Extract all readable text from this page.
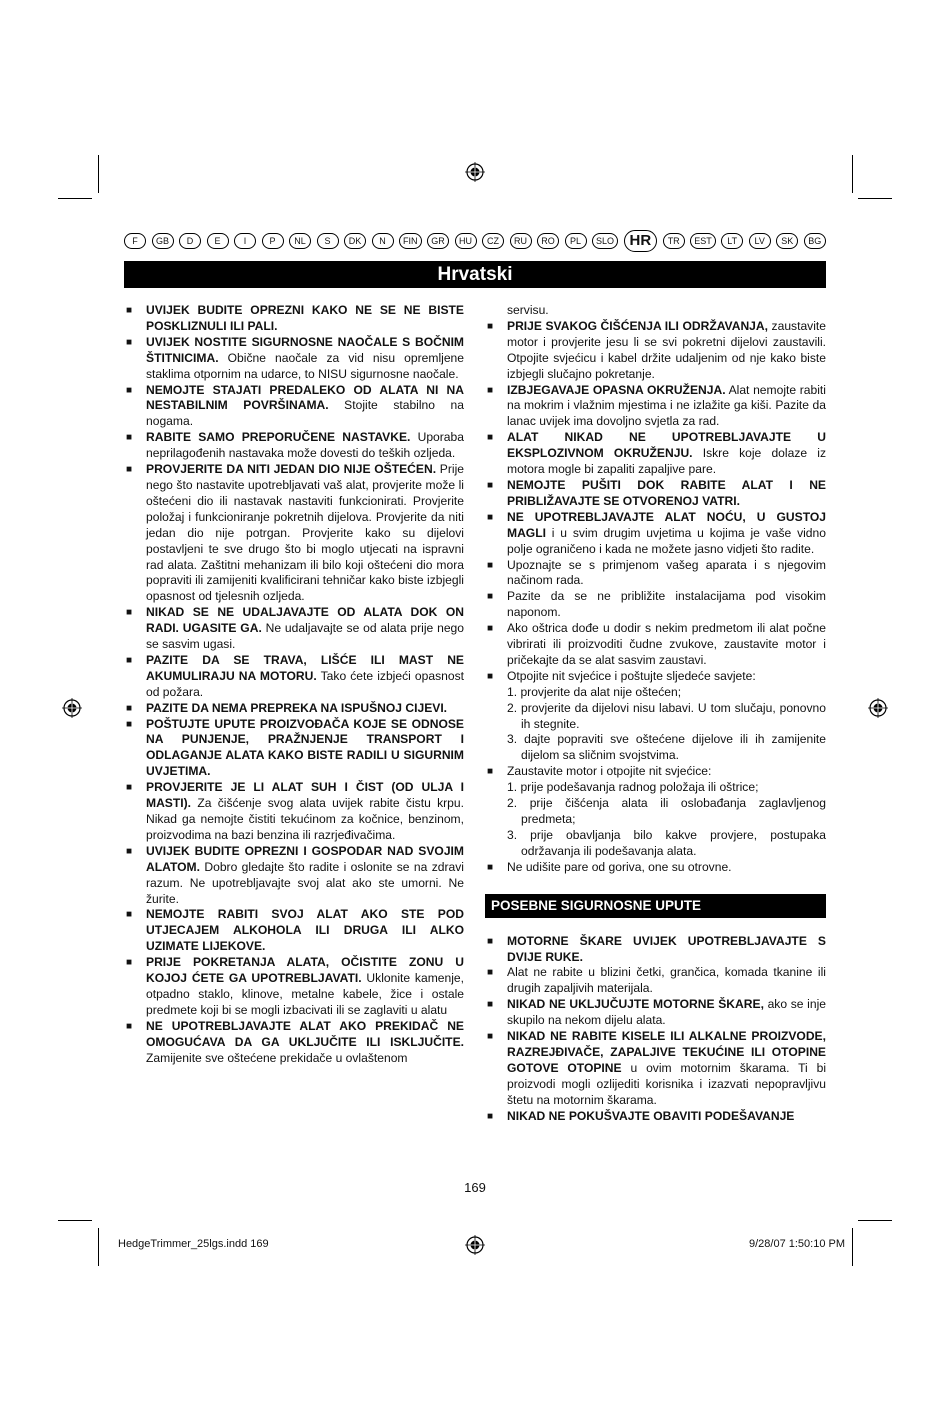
F	GB	D	E	I	P	NL	S	DK	N	FIN	GR	HU	CZ	RU	RO	PL	SLO	HR	TR	EST	LT	LV	SK	BG
Hrvatski

■ UVIJEK BUDITE OPREZNI KAKO NE SE NE BISTE POSKLIZNULI ILI PALI.

■ UVIJEK NOSTITE SIGURNOSNE NAOČALE S BOČNIM ŠTITNICIMA. Obične naočale za vid nisu opremljene staklima otpornim na udarce, to NISU sigurnosne naočale.

■ NEMOJTE STAJATI PREDALEKO OD ALATA NI NA NESTABILNIM POVRŠINAMA. Stojite stabilno na nogama.

■ RABITE SAMO PREPORUČENE NASTAVKE. Uporaba neprilagođenih nastavaka može dovesti do teških ozljeda.

■ PROVJERITE DA NITI JEDAN DIO NIJE OŠTEĆEN. Prije nego što nastavite upotrebljavati vaš alat, provjerite može li oštećeni dio ili nastavak nastaviti funkcionirati. Provjerite položaj i funkcioniranje pokretnih dijelova. Provjerite da niti jedan dio nije potrgan. Provjerite kako su dijelovi postavljeni te sve drugo što bi moglo utjecati na ispravni rad alata. Zaštitni mehanizam ili bilo koji oštećeni dio mora popraviti ili zamijeniti kvalificirani tehničar kako biste izbjegli opasnost od tjelesnih ozljeda.

■ NIKAD SE NE UDALJAVAJTE OD ALATA DOK ON RADI. UGASITE GA. Ne udaljavajte se od alata prije nego se sasvim ugasi.

■ PAZITE DA SE TRAVA, LIŠĆE ILI MAST NE AKUMULIRAJU NA MOTORU. Tako ćete izbjeći opasnost od požara.

■ PAZITE DA NEMA PREPREKA NA ISPUŠNOJ CIJEVI.

■ POŠTUJTE UPUTE PROIZVOĐAČA KOJE SE ODNOSE NA PUNJENJE, PRAŽNJENJE TRANSPORT I ODLAGANJE ALATA KAKO BISTE RADILI U SIGURNIM UVJETIMA.

■ PROVJERITE JE LI ALAT SUH I ČIST (OD ULJA I MASTI). Za čišćenje svog alata uvijek rabite čistu krpu. Nikad ga nemojte čistiti tekućinom za kočnice, benzinom, proizvodima na bazi benzina ili razrjeđivačima.

■ UVIJEK BUDITE OPREZNI I GOSPODAR NAD SVOJIM ALATOM. Dobro gledajte što radite i oslonite se na zdravi razum. Ne upotrebljavajte svoj alat ako ste umorni. Ne žurite.

■ NEMOJTE RABITI SVOJ ALAT AKO STE POD UTJECAJEM ALKOHOLA ILI DRUGA ILI ALKO UZIMATE LIJEKOVE.

■ PRIJE POKRETANJA ALATA, OČISTITE ZONU U KOJOJ ĆETE GA UPOTREBLJAVATI. Uklonite kamenje, otpadno staklo, klinove, metalne kabele, žice i ostale predmete koji bi se mogli izbacivati ili se zaglaviti u alatu

■ NE UPOTREBLJAVAJTE ALAT AKO PREKIDAČ NE OMOGUĆAVA DA GA UKLJUČITE ILI ISKLJUČITE. Zamijenite sve oštećene prekidače u ovlaštenom

servisu.

■ PRIJE SVAKOG ČIŠĆENJA ILI ODRŽAVANJA, zaustavite motor i provjerite jesu li se svi pokretni dijelovi zaustavili. Otpojite svjećicu i kabel držite udaljenim od nje kako biste izbjegli slučajno pokretanje.

■ IZBJEGAVAJE OPASNA OKRUŽENJA. Alat nemojte rabiti na mokrim i vlažnim mjestima i ne izlažite ga kiši. Pazite da lanac uvijek ima dovoljno svjetla za rad.

■ ALAT NIKAD NE UPOTREBLJAVAJTE U EKSPLOZIVNOM OKRUŽENJU. Iskre koje dolaze iz motora mogle bi zapaliti zapaljive pare.

■ NEMOJTE PUŠITI DOK RABITE ALAT I NE PRIBLIŽAVAJTE SE OTVORENOJ VATRI.

■ NE UPOTREBLJAVAJTE ALAT NOĆU, U GUSTOJ MAGLI i u svim drugim uvjetima u kojima je vaše vidno polje ograničeno i kada ne možete jasno vidjeti što radite.

■ Upoznajte se s primjenom vašeg aparata i s njegovim načinom rada.

■ Pazite da se ne približite instalacijama pod visokim naponom.

■ Ako oštrica dođe u dodir s nekim predmetom ili alat počne vibrirati ili proizvoditi čudne zvukove, zaustavite motor i pričekajte da se alat sasvim zaustavi.

■ Otpojite nit svjećice i poštujte sljedeće savjete:

1. provjerite da alat nije oštećen;
2. provjerite da dijelovi nisu labavi. U tom slučaju, ponovno ih stegnite.
3. dajte popraviti sve oštećene dijelove ili ih zamijenite dijelom sa sličnim svojstvima.

■ Zaustavite motor i otpojite nit svjećice:

1. prije podešavanja radnog položaja ili oštrice;
2. prije čišćenja alata ili oslobađanja zaglavljenog predmeta;
3. prije obavljanja bilo kakve provjere, postupaka održavanja ili podešavanja alata.

■ Ne udišite pare od goriva, one su otrovne.

POSEBNE SIGURNOSNE UPUTE

■ MOTORNE ŠKARE UVIJEK UPOTREBLJAVAJTE S DVIJE RUKE.

■ Alat ne rabite u blizini četki, grančica, komada tkanine ili drugih zapaljivih materijala.

■ NIKAD NE UKLJUČUJTE MOTORNE ŠKARE, ako se inje skupilo na nekom dijelu alata.

■ NIKAD NE RABITE KISELE ILI ALKALNE PROIZVODE, RAZREJĐIVAČE, ZAPALJIVE TEKUĆINE ILI OTOPINE GOTOVE OTOPINE u ovim motornim škarama. Ti bi proizvodi mogli ozlijediti korisnika i izazvati nepopravljivu štetu na motornim škarama.

■ NIKAD NE POKUŠVAJTE OBAVITI PODEŠAVANJE

169
HedgeTrimmer_25lgs.indd 169	9/28/07 1:50:10 PM
